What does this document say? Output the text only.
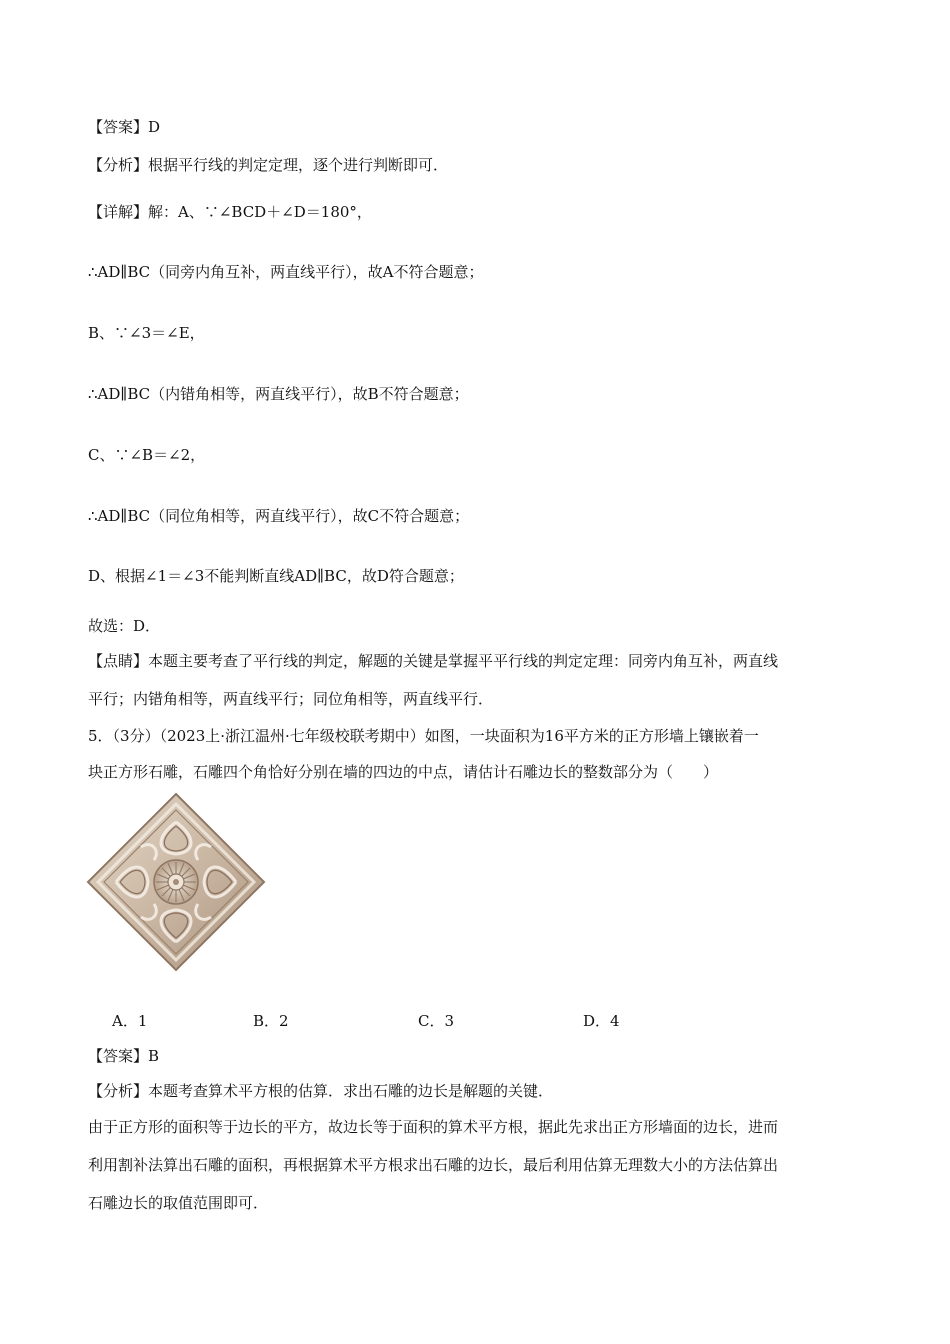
【答案】D
【分析】根据平行线的判定定理，逐个进行判断即可．
【详解】解：A、∵∠BCD＋∠D＝180°，
∴AD∥BC（同旁内角互补，两直线平行），故A不符合题意；
B、∵∠3＝∠E，
∴AD∥BC（内错角相等，两直线平行），故B不符合题意；
C、∵∠B＝∠2，
∴AD∥BC（同位角相等，两直线平行），故C不符合题意；
D、根据∠1＝∠3不能判断直线AD∥BC，故D符合题意；
故选：D．
【点睛】本题主要考查了平行线的判定，解题的关键是掌握平平行线的判定定理：同旁内角互补，两直线
平行；内错角相等，两直线平行；同位角相等，两直线平行．
5．（3分）（2023上·浙江温州·七年级校联考期中）如图，一块面积为16平方米的正方形墙上镶嵌着一
块正方形石雕，石雕四个角恰好分别在墙的四边的中点，请估计石雕边长的整数部分为（　　）
A．1	B．2	C．3	D．4
【答案】B
【分析】本题考查算术平方根的估算．求出石雕的边长是解题的关键．
由于正方形的面积等于边长的平方，故边长等于面积的算术平方根，据此先求出正方形墙面的边长，进而
利用割补法算出石雕的面积，再根据算术平方根求出石雕的边长，最后利用估算无理数大小的方法估算出
石雕边长的取值范围即可．
